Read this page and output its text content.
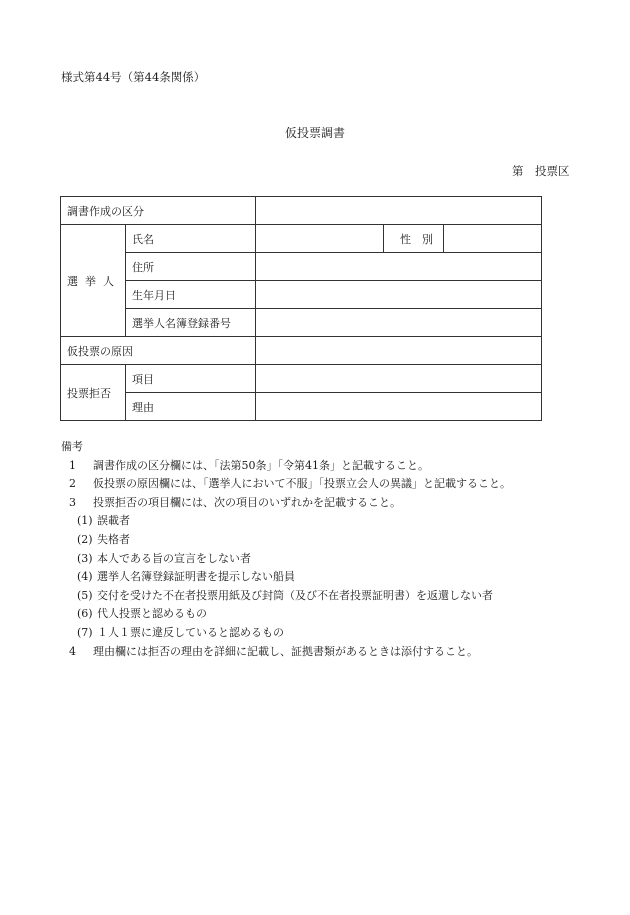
様式第44号（第44条関係）
仮投票調書
第　投票区
調書作成の区分				
選挙人	氏名		性　別	
	住所			
	生年月日			
	選挙人名簿登録番号			
仮投票の原因				
投票拒否	項目			
	理由			
備考
1 調書作成の区分欄には、「法第50条」「令第41条」と記載すること。
2 仮投票の原因欄には、「選挙人において不服」「投票立会人の異議」と記載すること。
3 投票拒否の項目欄には、次の項目のいずれかを記載すること。
(1) 誤載者
(2) 失格者
(3) 本人である旨の宣言をしない者
(4) 選挙人名簿登録証明書を提示しない船員
(5) 交付を受けた不在者投票用紙及び封筒（及び不在者投票証明書）を返還しない者
(6) 代人投票と認めるもの
(7) １人１票に違反していると認めるもの
4 理由欄には拒否の理由を詳細に記載し、証拠書類があるときは添付すること。
